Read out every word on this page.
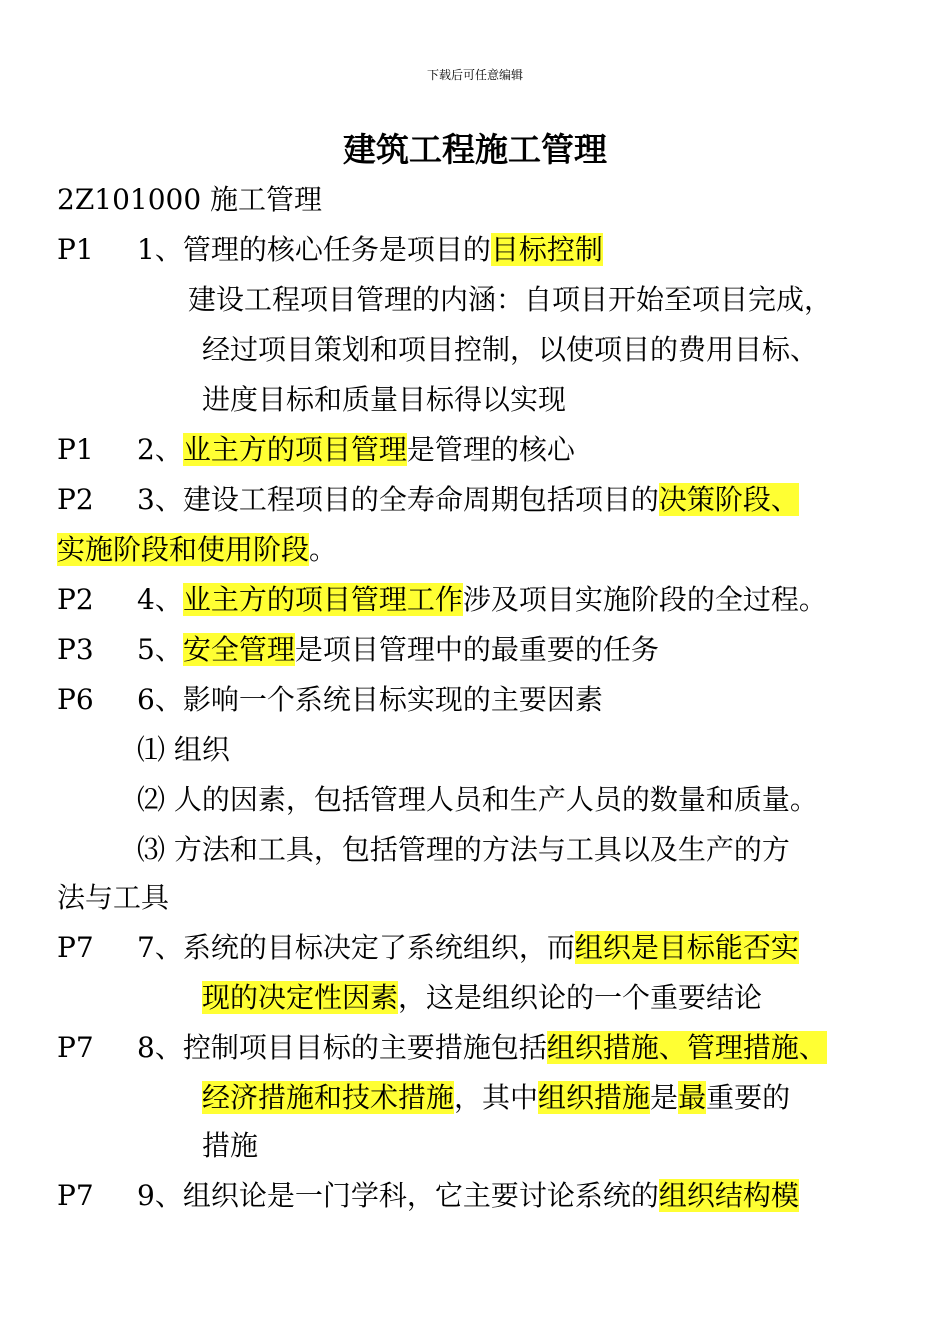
下载后可任意编辑
建筑工程施工管理
2Z101000 施工管理
P1 1、管理的核心任务是项目的目标控制
建设工程项目管理的内涵：自项目开始至项目完成，
经过项目策划和项目控制，以使项目的费用目标、
进度目标和质量目标得以实现
P1 2、业主方的项目管理是管理的核心
P2 3、建设工程项目的全寿命周期包括项目的决策阶段、
实施阶段和使用阶段。
P2 4、业主方的项目管理工作涉及项目实施阶段的全过程。
P3 5、安全管理是项目管理中的最重要的任务
P6 6、影响一个系统目标实现的主要因素
⑴ 组织
⑵ 人的因素，包括管理人员和生产人员的数量和质量。
⑶ 方法和工具，包括管理的方法与工具以及生产的方
法与工具
P7 7、系统的目标决定了系统组织，而组织是目标能否实
现的决定性因素，这是组织论的一个重要结论
P7 8、控制项目目标的主要措施包括组织措施、管理措施、
经济措施和技术措施，其中组织措施是最重要的
措施
P7 9、组织论是一门学科，它主要讨论系统的组织结构模
